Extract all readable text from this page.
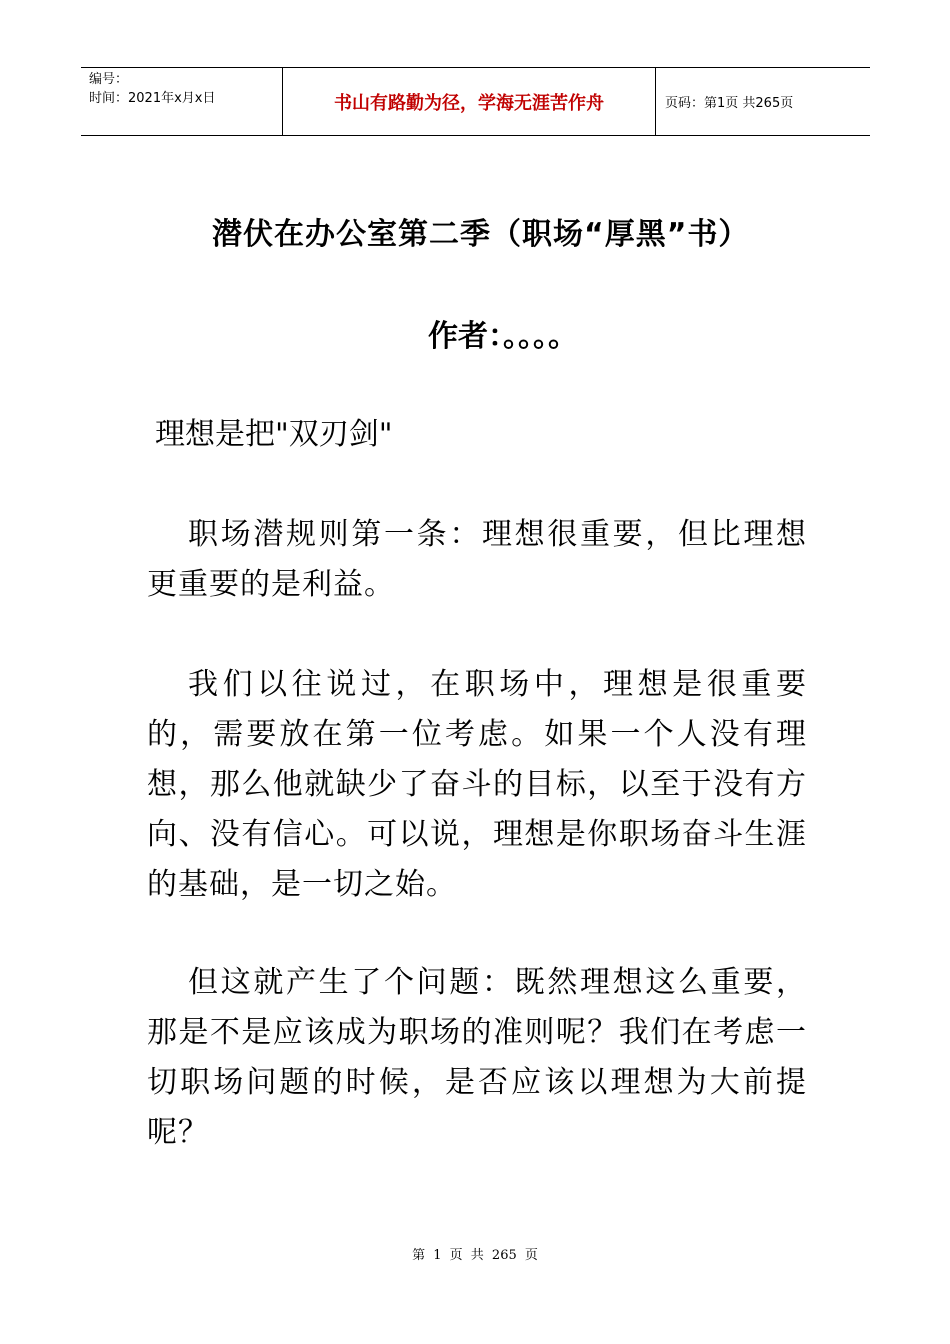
编号：
时间：2021年x月x日	书山有路勤为径，学海无涯苦作舟	页码：第1页 共265页
潜伏在办公室第二季（职场“厚黑”书）
作者：。。。。
理想是把"双刃剑"
职场潜规则第一条：理想很重要，但比理想更重要的是利益。
我们以往说过，在职场中，理想是很重要的，需要放在第一位考虑。如果一个人没有理想，那么他就缺少了奋斗的目标，以至于没有方向、没有信心。可以说，理想是你职场奋斗生涯的基础，是一切之始。
但这就产生了个问题：既然理想这么重要，那是不是应该成为职场的准则呢？我们在考虑一切职场问题的时候，是否应该以理想为大前提呢？
第 1 页 共 265 页
